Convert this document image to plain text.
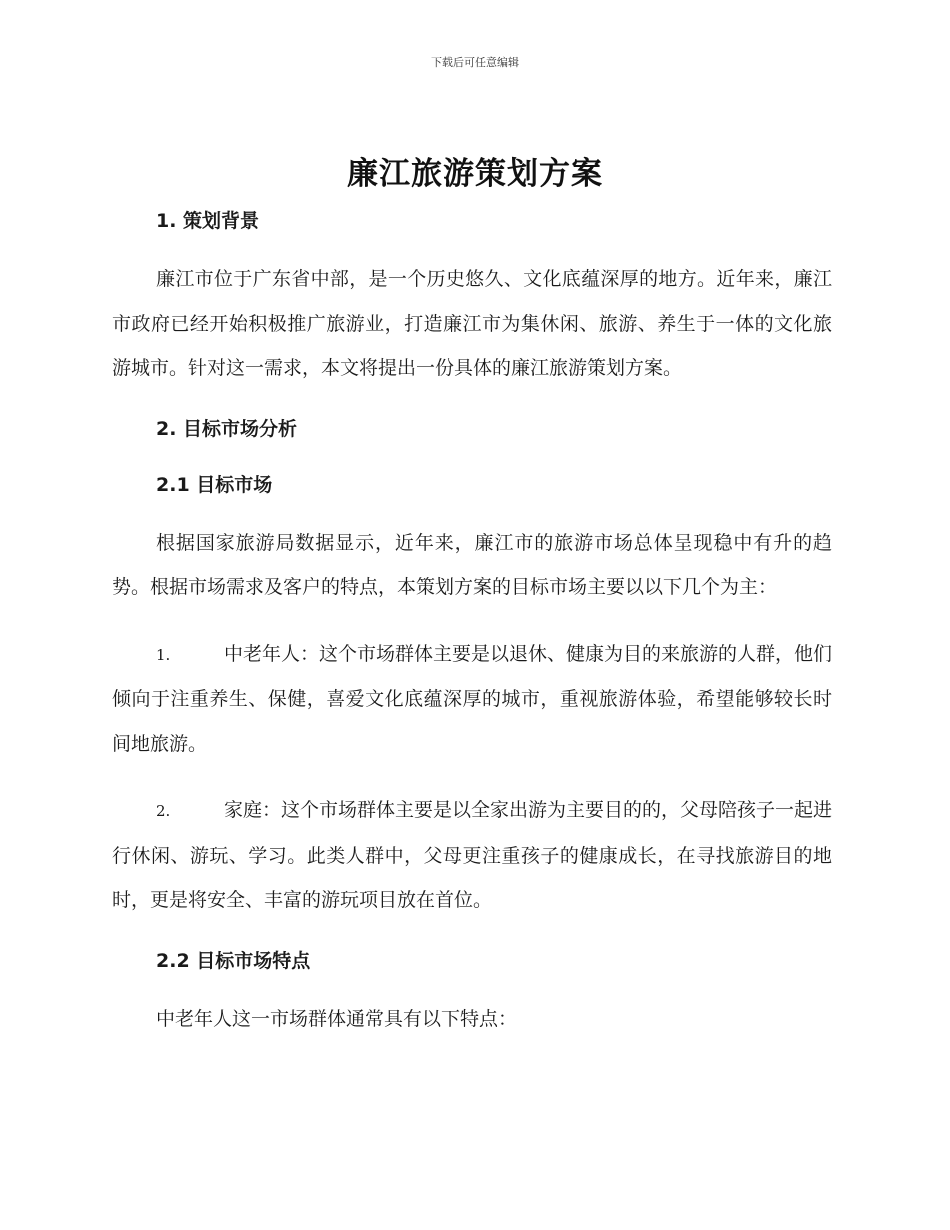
下载后可任意编辑
廉江旅游策划方案
1. 策划背景

廉江市位于广东省中部，是一个历史悠久、文化底蕴深厚的地方。近年来，廉江市政府已经开始积极推广旅游业，打造廉江市为集休闲、旅游、养生于一体的文化旅游城市。针对这一需求，本文将提出一份具体的廉江旅游策划方案。

2. 目标市场分析
2.1 目标市场

根据国家旅游局数据显示，近年来，廉江市的旅游市场总体呈现稳中有升的趋势。根据市场需求及客户的特点，本策划方案的目标市场主要以以下几个为主：

1.	中老年人：这个市场群体主要是以退休、健康为目的来旅游的人群，他们倾向于注重养生、保健，喜爱文化底蕴深厚的城市，重视旅游体验，希望能够较长时间地旅游。

2.	家庭：这个市场群体主要是以全家出游为主要目的的，父母陪孩子一起进行休闲、游玩、学习。此类人群中，父母更注重孩子的健康成长，在寻找旅游目的地时，更是将安全、丰富的游玩项目放在首位。

2.2 目标市场特点

中老年人这一市场群体通常具有以下特点：
